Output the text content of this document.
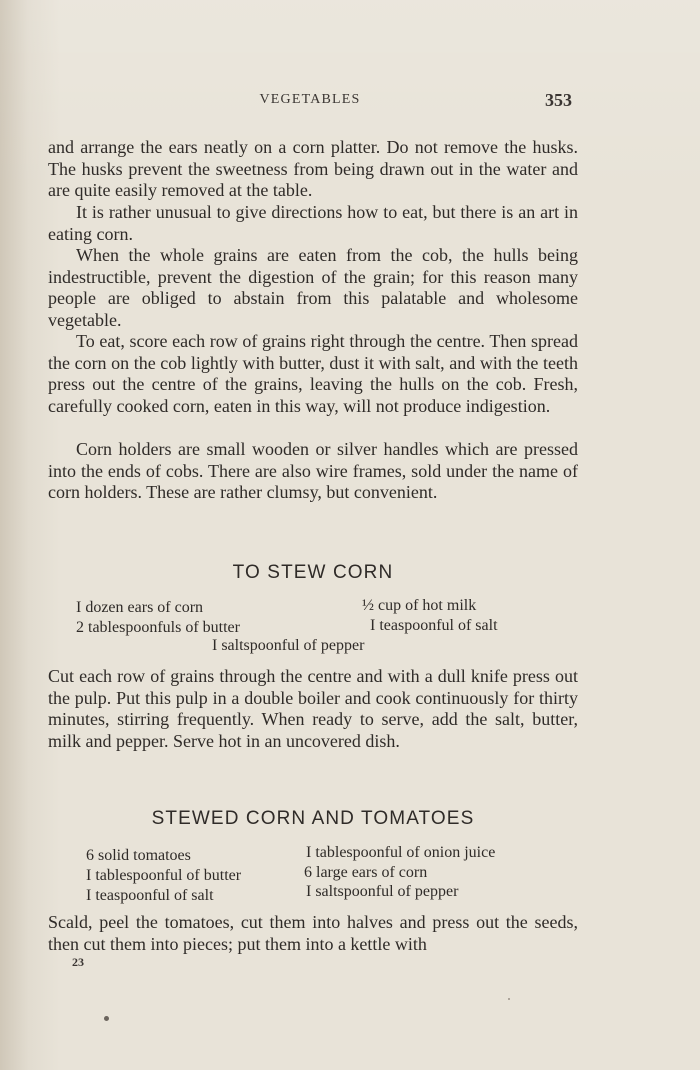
VEGETABLES	353

and arrange the ears neatly on a corn platter. Do not remove the husks. The husks prevent the sweetness from being drawn out in the water and are quite easily removed at the table.

It is rather unusual to give directions how to eat, but there is an art in eating corn.

When the whole grains are eaten from the cob, the hulls being indestructible, prevent the digestion of the grain; for this reason many people are obliged to abstain from this palatable and wholesome vegetable.

To eat, score each row of grains right through the centre. Then spread the corn on the cob lightly with butter, dust it with salt, and with the teeth press out the centre of the grains, leaving the hulls on the cob. Fresh, carefully cooked corn, eaten in this way, will not produce indigestion.

Corn holders are small wooden or silver handles which are pressed into the ends of cobs. There are also wire frames, sold under the name of corn holders. These are rather clumsy, but convenient.

TO STEW CORN
I dozen ears of corn	½ cup of hot milk
2 tablespoonfuls of butter	I teaspoonful of salt
I saltspoonful of pepper

Cut each row of grains through the centre and with a dull knife press out the pulp. Put this pulp in a double boiler and cook continuously for thirty minutes, stirring frequently. When ready to serve, add the salt, butter, milk and pepper. Serve hot in an uncovered dish.

STEWED CORN AND TOMATOES
6 solid tomatoes	I tablespoonful of onion juice
I tablespoonful of butter	6 large ears of corn
I teaspoonful of salt	I saltspoonful of pepper

Scald, peel the tomatoes, cut them into halves and press out the seeds, then cut them into pieces; put them into a kettle with

23
